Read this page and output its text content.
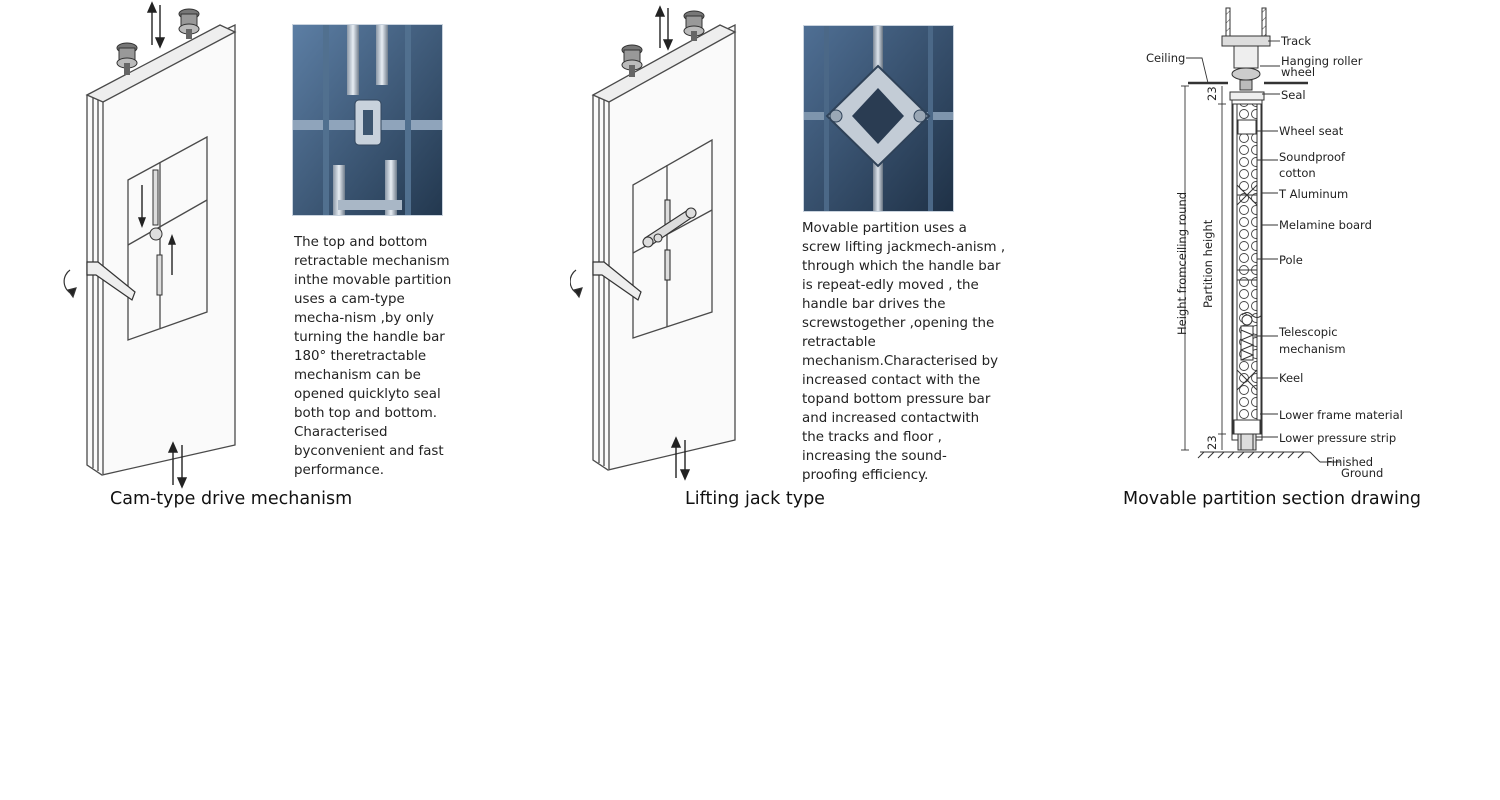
The top and bottom
retractable mechanism
inthe movable partition
uses a cam-type
mecha-nism ,by only
turning the handle bar
180° theretractable
mechanism can be
opened quicklyto seal
both top and bottom.
Characterised
byconvenient and fast
performance.

Cam-type drive mechanism

Movable partition uses a
screw lifting jackmech-anism ,
through which the handle bar
is repeat-edly moved , the
handle bar drives the
screwstogether ,opening the
retractable
mechanism.Characterised by
increased contact with the
topand bottom pressure bar
and increased contactwith
the tracks and floor ,
increasing the sound-
proofing efficiency.

Lifting jack type

23
23
Height fromceiling round Partition height
Track
Ceiling	Hanging roller
wheel
Seal
Wheel seat
Soundproof
cotton
T Aluminum
Melamine board
Pole
Telescopic
mechanism
Keel
Lower frame material
Lower pressure strip
Finished
Ground

Movable partition section drawing
